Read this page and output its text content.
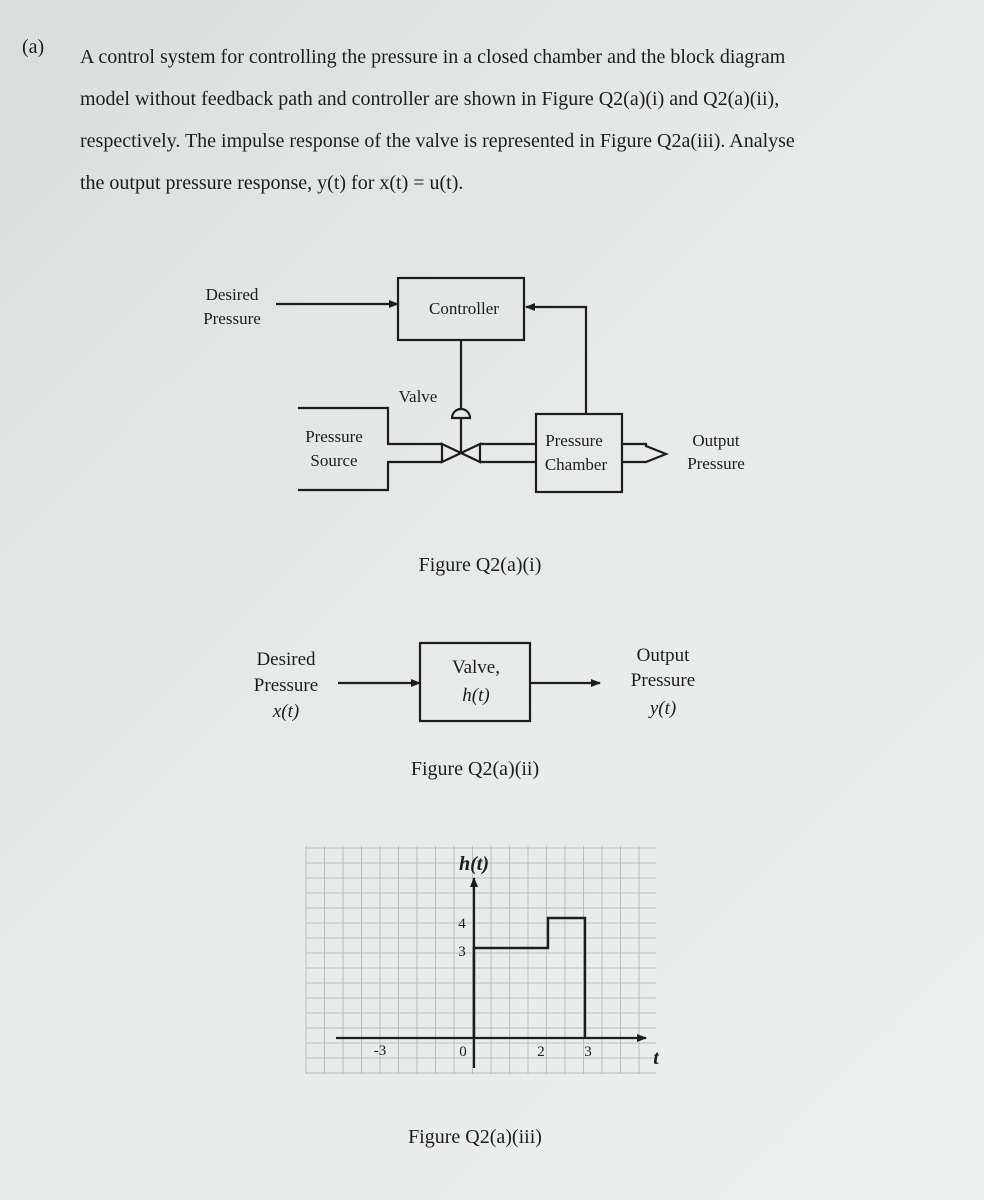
(a) A control system for controlling the pressure in a closed chamber and the block diagram
model without feedback path and controller are shown in Figure Q2(a)(i) and Q2(a)(ii),
respectively. The impulse response of the valve is represented in Figure Q2a(iii). Analyse
the output pressure response, y(t) for x(t) = u(t).
Desired
Pressure
Controller
Valve
Pressure
Source
Pressure
Chamber
Output
Pressure
Desired
Pressure
x(t)
Valve,
h(t)
Output
Pressure
y(t)
h(t)
t
-3	0	2	3
4
3
Figure Q2(a)(i)
Figure Q2(a)(ii)
Figure Q2(a)(iii)
